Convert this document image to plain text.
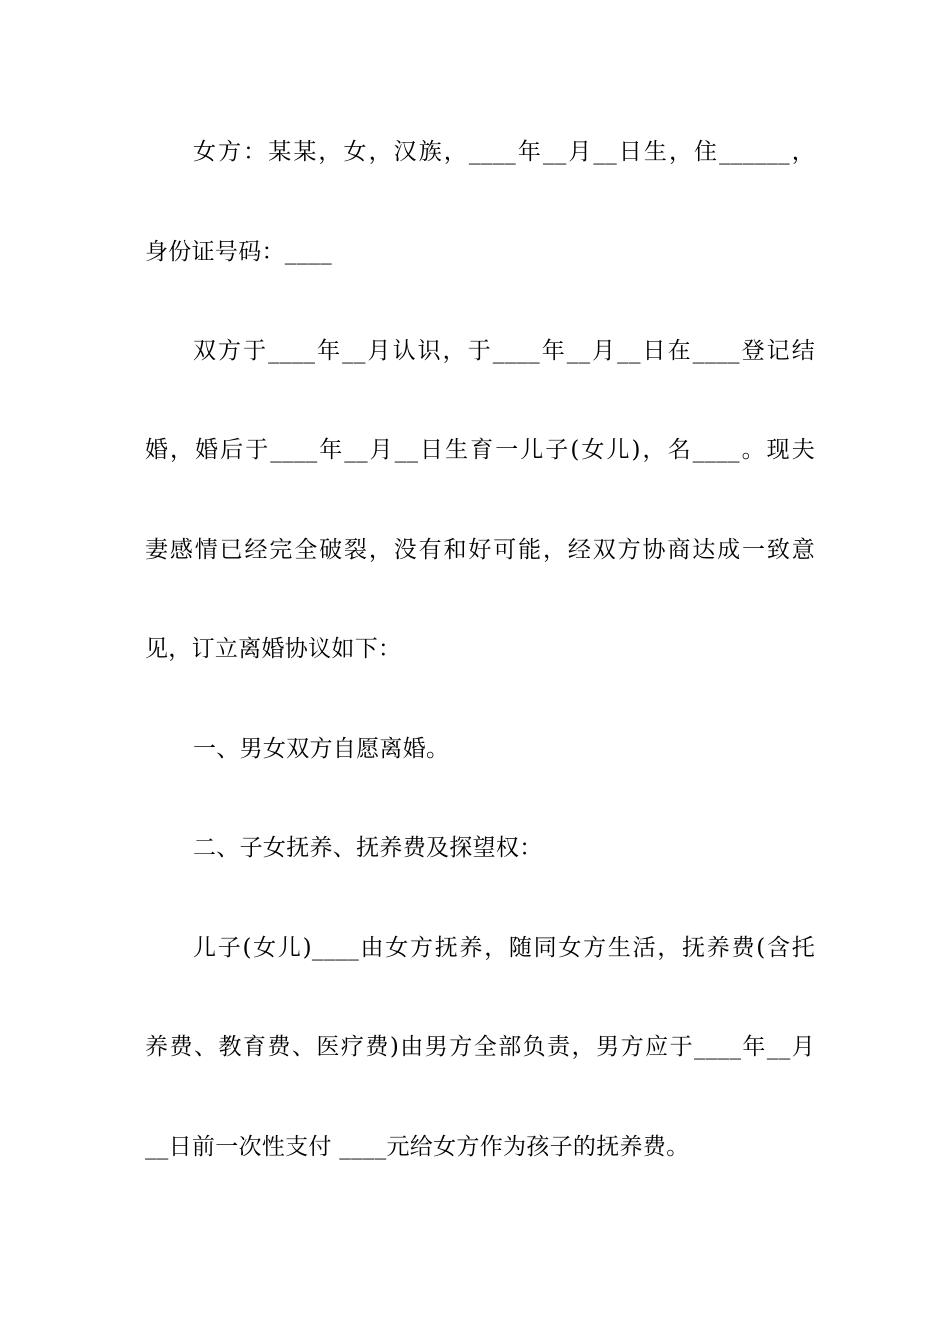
女方：某某，女，汉族，____年__月__日生，住______，
身份证号码：____
双方于____年__月认识，于____年__月__日在____登记结
婚，婚后于____年__月__日生育一儿子(女儿)，名____。现夫
妻感情已经完全破裂，没有和好可能，经双方协商达成一致意
见，订立离婚协议如下：
一、男女双方自愿离婚。
二、子女抚养、抚养费及探望权：
儿子(女儿)____由女方抚养，随同女方生活，抚养费(含托
养费、教育费、医疗费)由男方全部负责，男方应于____年__月
__日前一次性支付 ____元给女方作为孩子的抚养费。
